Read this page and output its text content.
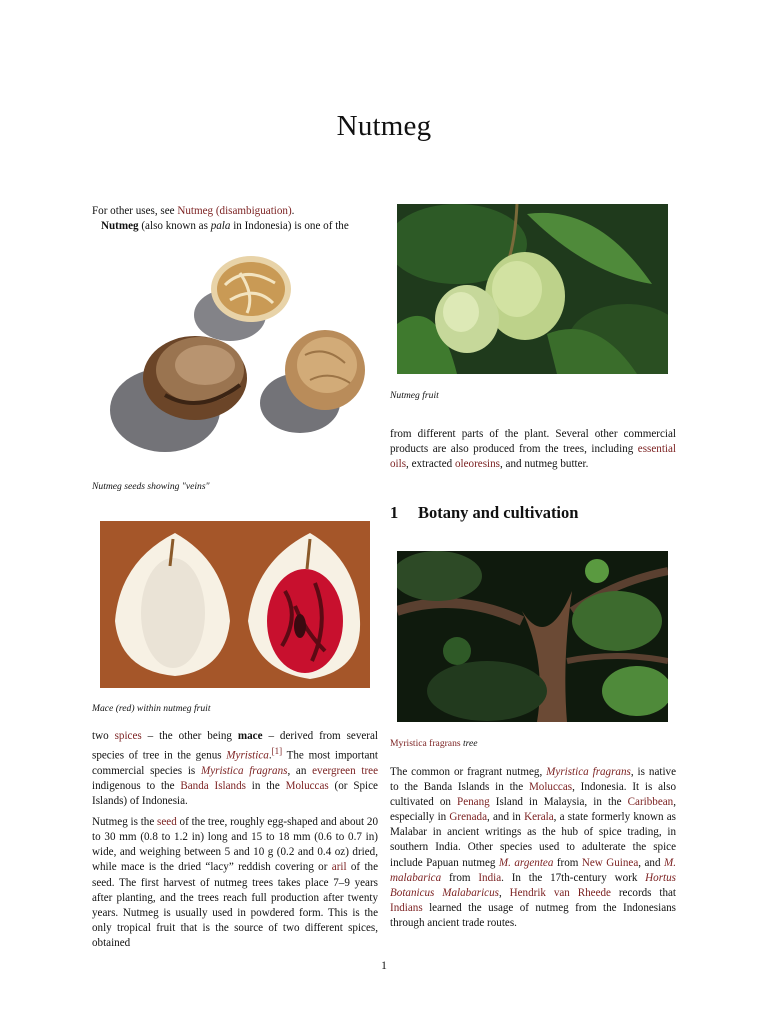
Nutmeg

For other uses, see Nutmeg (disambiguation).

Nutmeg (also known as pala in Indonesia) is one of the

Nutmeg seeds showing "veins"
Mace (red) within nutmeg fruit

two spices – the other being mace – derived from several species of tree in the genus Myristica.[1] The most important commercial species is Myristica fragrans, an evergreen tree indigenous to the Banda Islands in the Moluccas (or Spice Islands) of Indonesia.

Nutmeg is the seed of the tree, roughly egg-shaped and about 20 to 30 mm (0.8 to 1.2 in) long and 15 to 18 mm (0.6 to 0.7 in) wide, and weighing between 5 and 10 g (0.2 and 0.4 oz) dried, while mace is the dried “lacy” reddish covering or aril of the seed. The first harvest of nutmeg trees takes place 7–9 years after planting, and the trees reach full production after twenty years. Nutmeg is usually used in powdered form. This is the only tropical fruit that is the source of two different spices, obtained

Nutmeg fruit

from different parts of the plant. Several other commercial products are also produced from the trees, including essential oils, extracted oleoresins, and nutmeg butter.

1 Botany and cultivation
Myristica fragrans tree

The common or fragrant nutmeg, Myristica fragrans, is native to the Banda Islands in the Moluccas, Indonesia. It is also cultivated on Penang Island in Malaysia, in the Caribbean, especially in Grenada, and in Kerala, a state formerly known as Malabar in ancient writings as the hub of spice trading, in southern India. Other species used to adulterate the spice include Papuan nutmeg M. argentea from New Guinea, and M. malabarica from India. In the 17th-century work Hortus Botanicus Malabaricus, Hendrik van Rheede records that Indians learned the usage of nutmeg from the Indonesians through ancient trade routes.

1
